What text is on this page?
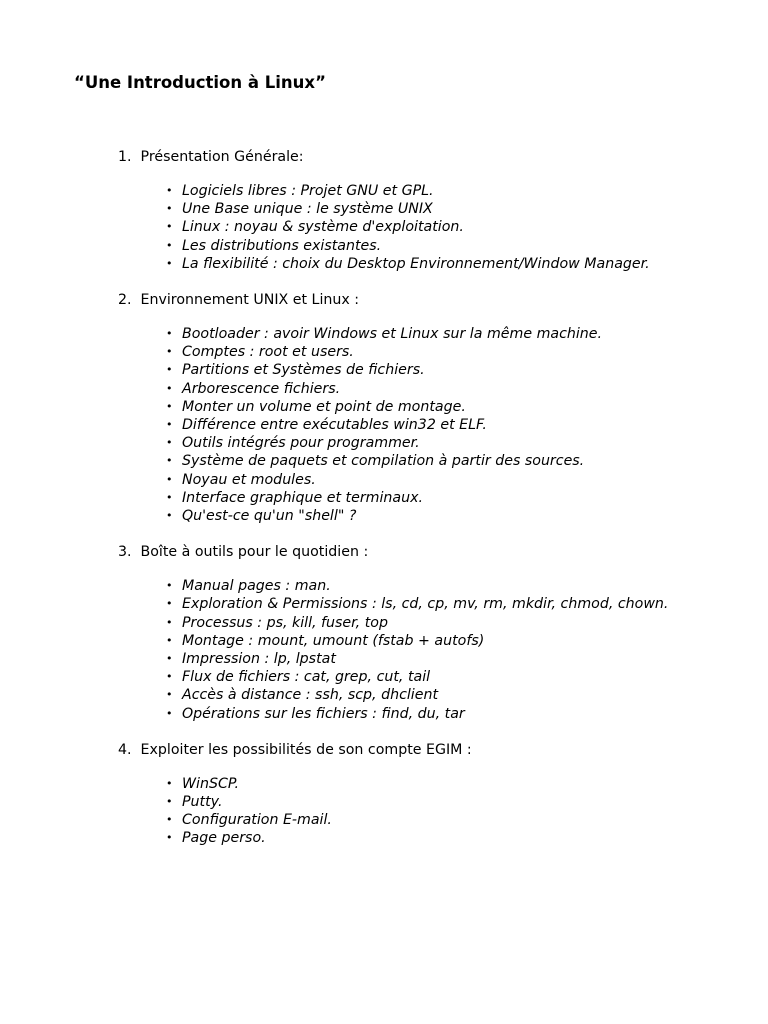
“Une Introduction à Linux”
1. Présentation Générale:
• Logiciels libres : Projet GNU et GPL.
• Une Base unique : le système UNIX
• Linux : noyau & système d'exploitation.
• Les distributions existantes.
• La flexibilité : choix du Desktop Environnement/Window Manager.
2. Environnement UNIX et Linux :
• Bootloader : avoir Windows et Linux sur la même machine.
• Comptes : root et users.
• Partitions et Systèmes de fichiers.
• Arborescence fichiers.
• Monter un volume et point de montage.
• Différence entre exécutables win32 et ELF.
• Outils intégrés pour programmer.
• Système de paquets et compilation à partir des sources.
• Noyau et modules.
• Interface graphique et terminaux.
• Qu'est-ce qu'un "shell" ?
3. Boîte à outils pour le quotidien :
• Manual pages : man.
• Exploration & Permissions : ls, cd, cp, mv, rm, mkdir, chmod, chown.
• Processus : ps, kill, fuser, top
• Montage : mount, umount (fstab + autofs)
• Impression : lp, lpstat
• Flux de fichiers : cat, grep, cut, tail
• Accès à distance : ssh, scp, dhclient
• Opérations sur les fichiers : find, du, tar
4. Exploiter les possibilités de son compte EGIM :
• WinSCP.
• Putty.
• Configuration E-mail.
• Page perso.
